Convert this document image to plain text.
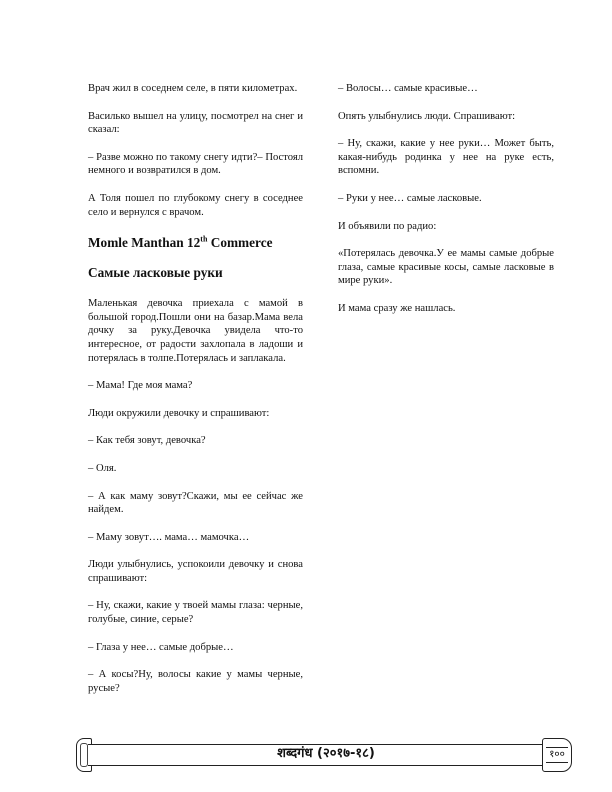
Врач жил в соседнем селе, в пяти километрах.

Василько вышел на улицу, посмотрел на снег и сказал:

– Разве можно по такому снегу идти?– Постоял немного и возвратился в дом.

А Толя пошел по глубокому снегу в соседнее село и вернулся с врачом.

Momle Manthan 12th Commerce
Самые ласковые руки

Маленькая девочка приехала с мамой в большой город.Пошли они на базар.Мама вела дочку за руку.Девочка увидела что-то интересное, от радости захлопала в ладоши и потерялась в толпе.Потерялась и заплакала.

– Мама! Где моя мама?

Люди окружили девочку и спрашивают:

– Как тебя зовут, девочка?

– Оля.

– А как маму зовут?Скажи, мы ее сейчас же найдем.

– Маму зовут…. мама… мамочка…

Люди улыбнулись, успокоили девочку и снова спрашивают:

– Ну, скажи, какие у твоей мамы глаза: черные, голубые, синие, серые?

– Глаза у нее… самые добрые…

– А косы?Ну, волосы какие у мамы черные, русые?

– Волосы… самые красивые…

Опять улыбнулись люди. Спрашивают:

– Ну, скажи, какие у нее руки… Может быть, какая-нибудь родинка у нее на руке есть, вспомни.

– Руки у нее… самые ласковые.

И объявили по радио:

«Потерялась девочка.У ее мамы самые добрые глаза, самые красивые косы, самые ласковые в мире руки».

И мама сразу же нашлась.

शब्दगंध (२०१७-१८)	१००
